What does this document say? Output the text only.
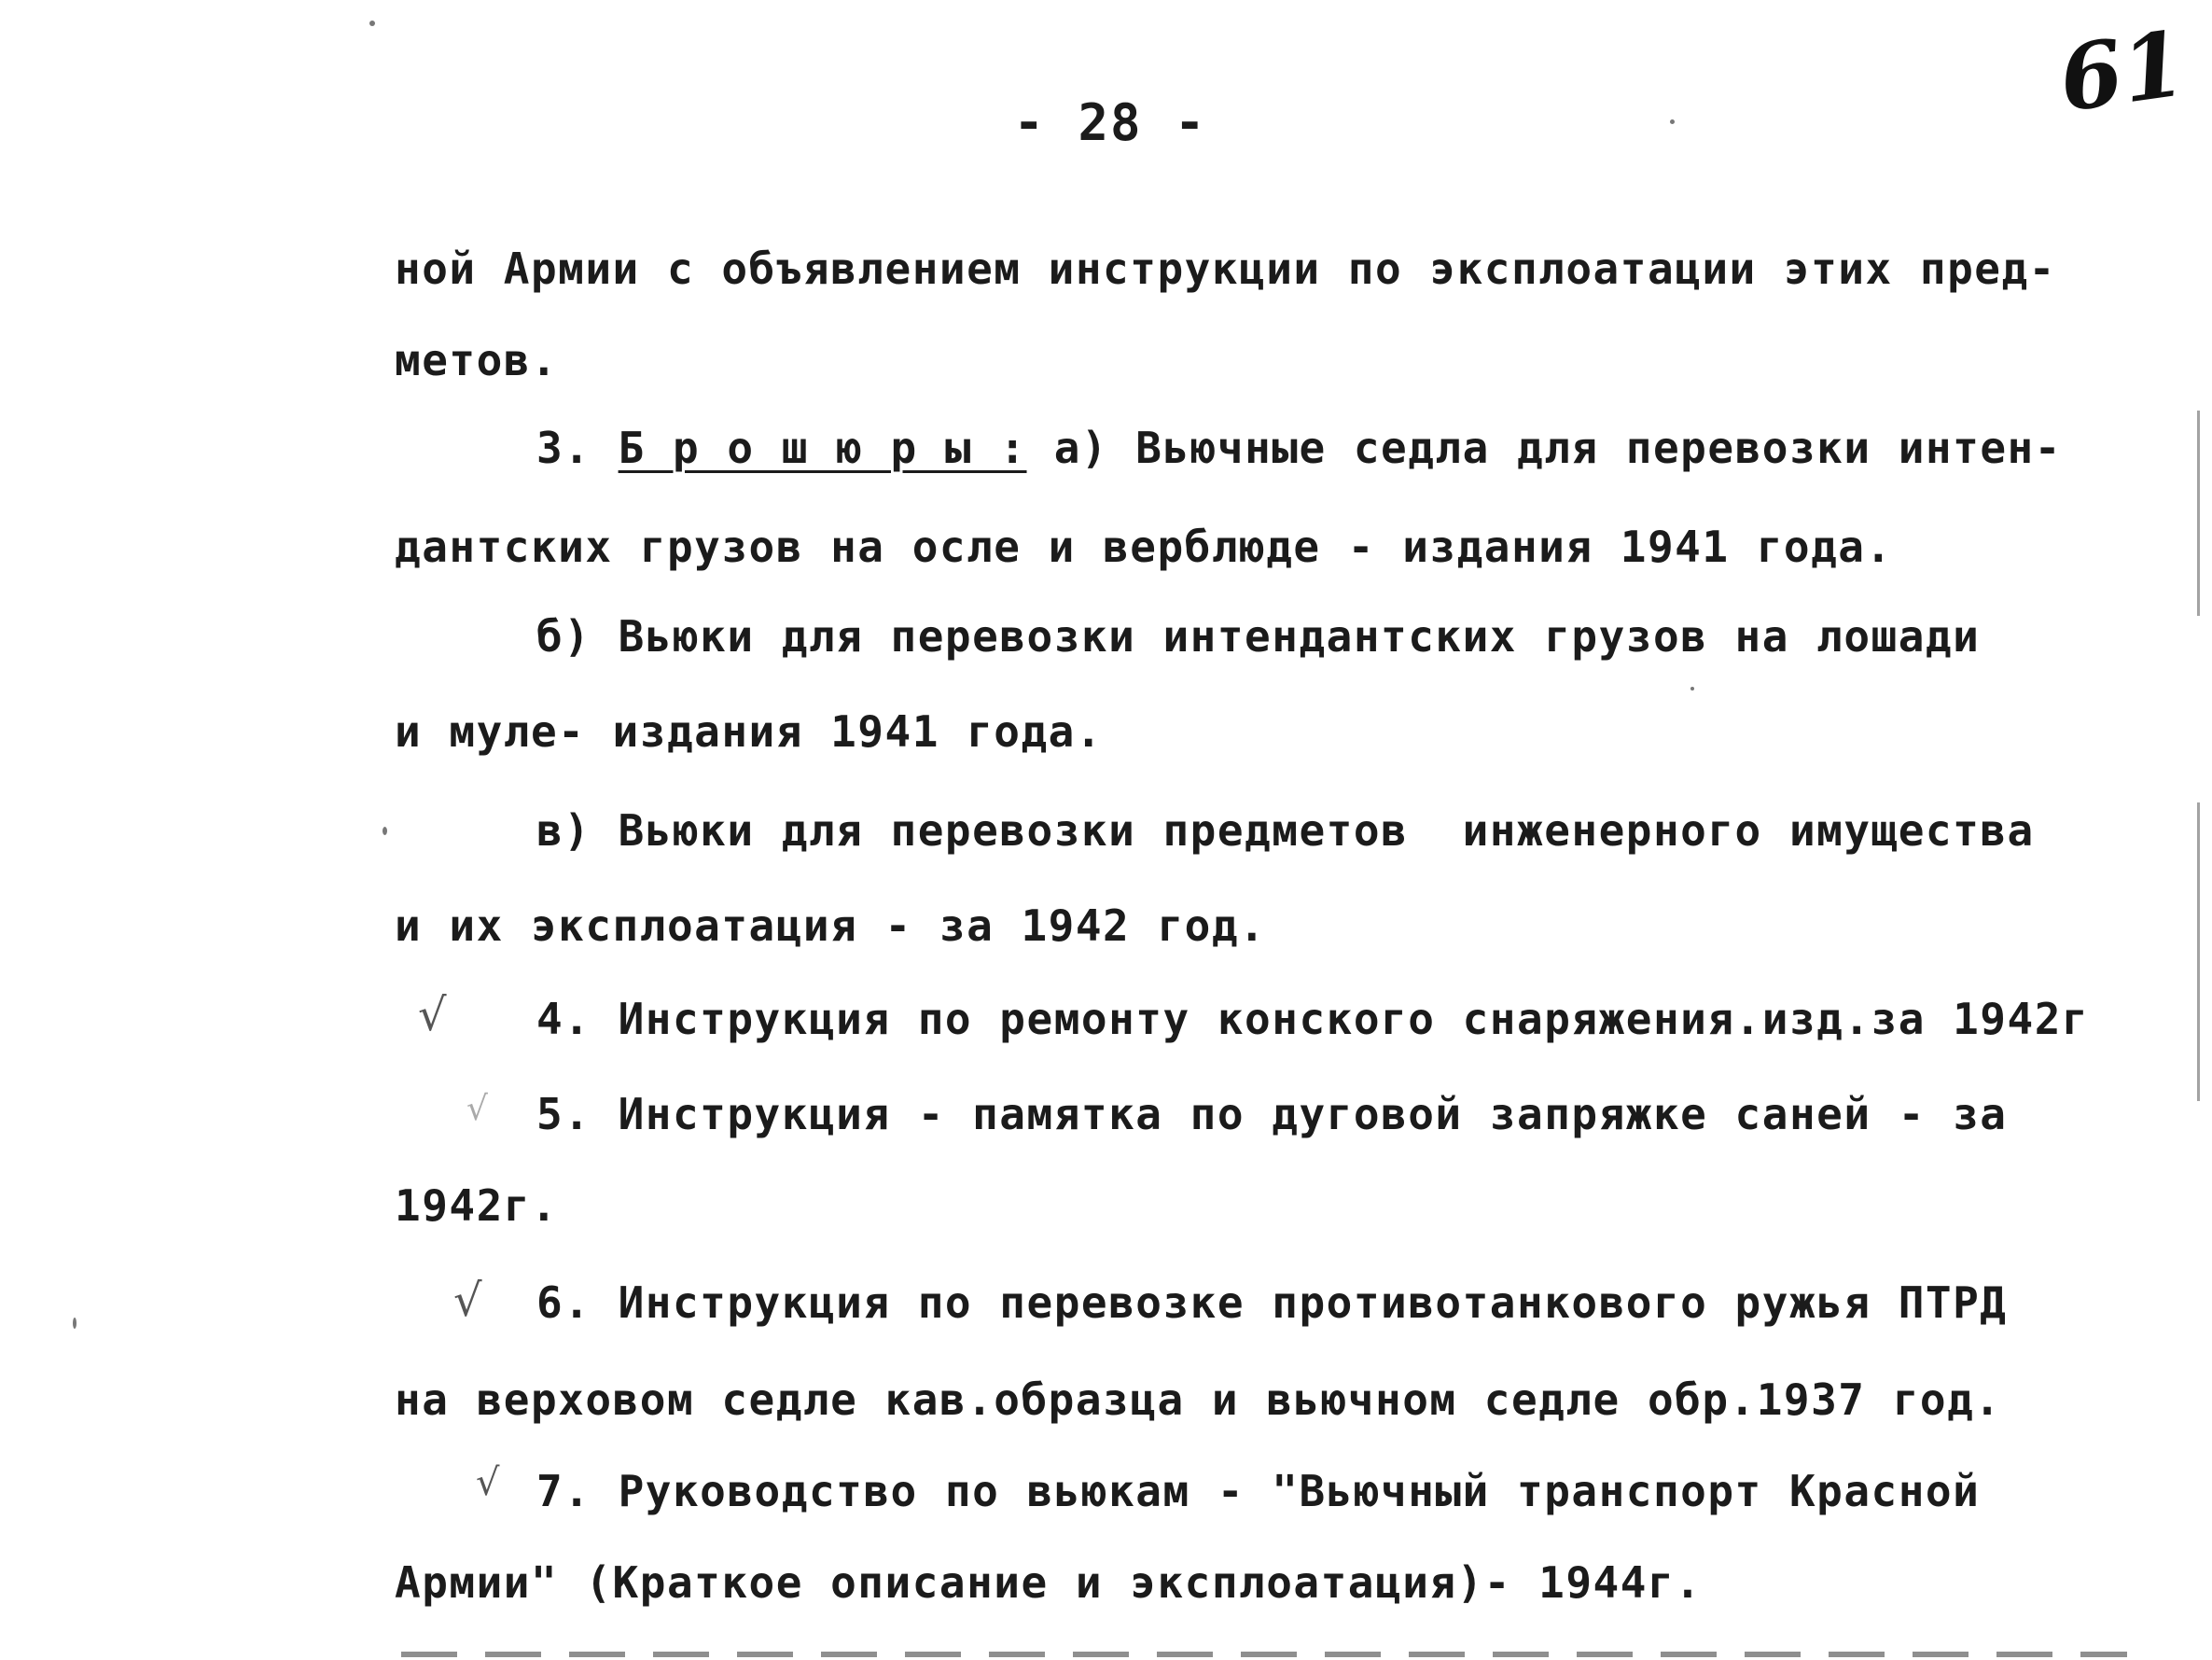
61
- 28 -
ной Армии с объявлением инструкции по эксплоатации этих пред-
метов.
3. Б р о ш ю р ы : а) Вьючные седла для перевозки интен-
дантских грузов на осле и верблюде - издания 1941 года.
б) Вьюки для перевозки интендантских грузов на лошади
и муле- издания 1941 года.
в) Вьюки для перевозки предметов  инженерного имущества
и их эксплоатация - за 1942 год.
√ 4. Инструкция по ремонту конского снаряжения.изд.за 1942г
√ 5. Инструкция - памятка по дуговой запряжке саней - за
1942г.
√ 6. Инструкция по перевозке противотанкового ружья ПТРД
на верховом седле кав.образца и вьючном седле обр.1937 год.
√ 7. Руководство по вьюкам - "Вьючный транспорт Красной
Армии" (Краткое описание и эксплоатация)- 1944г.
